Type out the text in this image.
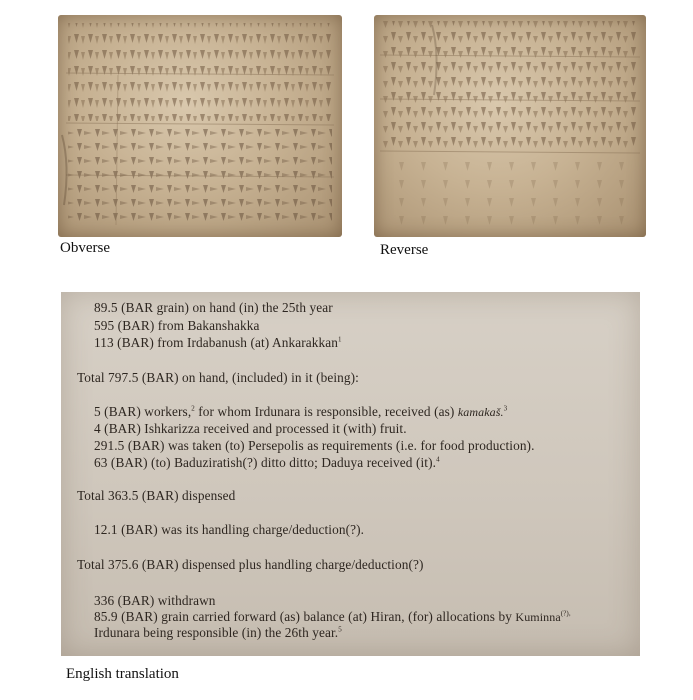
Obverse	Reverse
89.5 (BAR grain) on hand (in) the 25th year
595 (BAR) from Bakanshakka
113 (BAR) from Irdabanush (at) Ankarakkan$^1$
Total 797.5 (BAR) on hand, (included) in it (being):
5 (BAR) workers,$^2$ for whom Irdunara is responsible, received (as) kamakaš.$^3$
4 (BAR) Ishkarizza received and processed it (with) fruit.
291.5 (BAR) was taken (to) Persepolis as requirements (i.e. for food production).
63 (BAR) (to) Baduziratish(?) ditto ditto; Daduya received (it).$^4$
Total 363.5 (BAR) dispensed
12.1 (BAR) was its handling charge/deduction(?).
Total 375.6 (BAR) dispensed plus handling charge/deduction(?)
336 (BAR) withdrawn
85.9 (BAR) grain carried forward (as) balance (at) Hiran, (for) allocations by Kuminna(?),
Irdunara being responsible (in) the 26th year.$^5$
English translation
